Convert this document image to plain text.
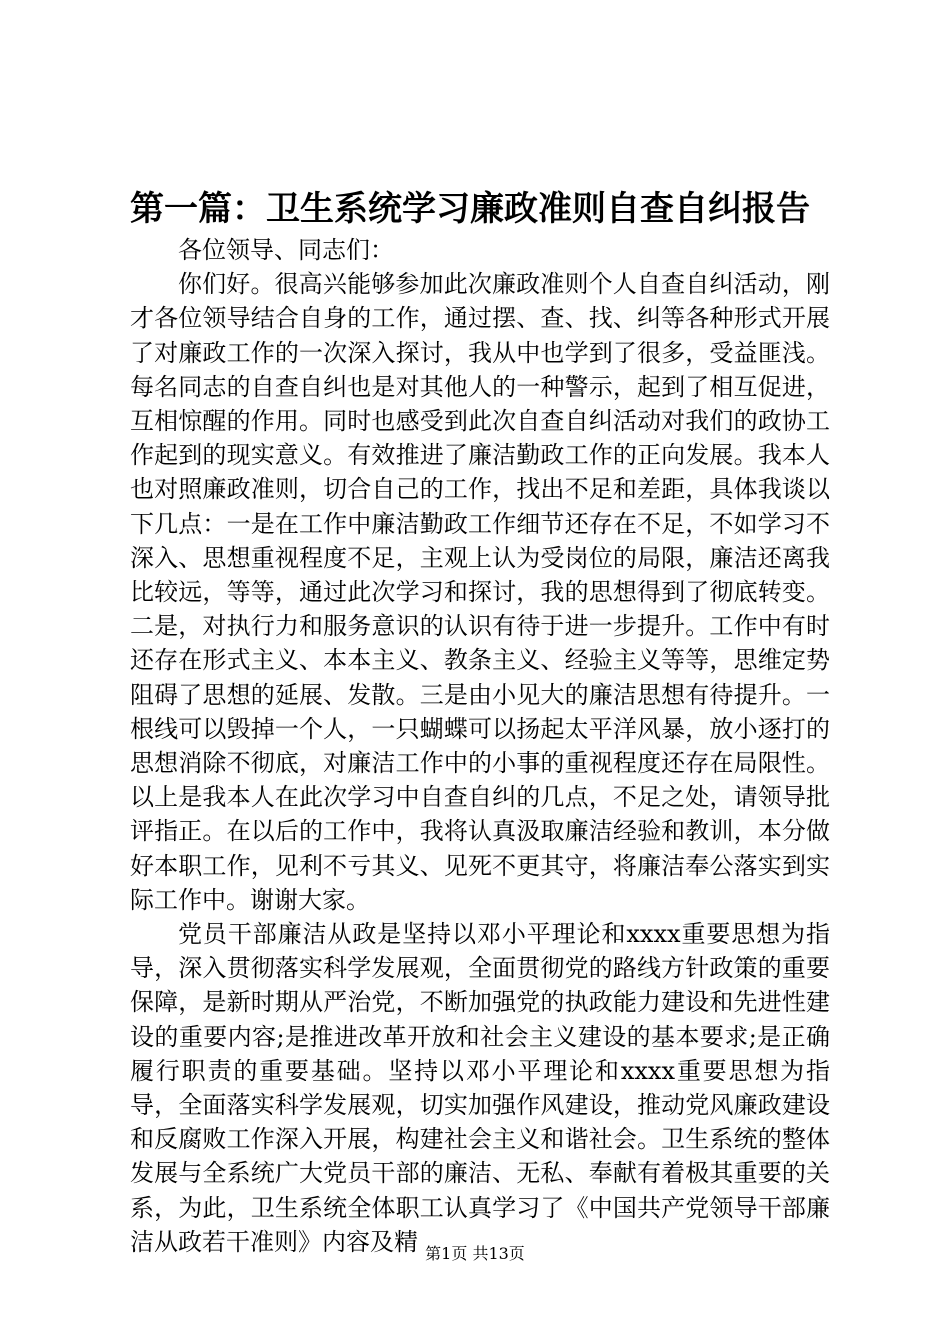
第一篇：卫生系统学习廉政准则自查自纠报告

各位领导、同志们：

你们好。很高兴能够参加此次廉政准则个人自查自纠活动，刚才各位领导结合自身的工作，通过摆、查、找、纠等各种形式开展了对廉政工作的一次深入探讨，我从中也学到了很多，受益匪浅。每名同志的自查自纠也是对其他人的一种警示，起到了相互促进，互相惊醒的作用。同时也感受到此次自查自纠活动对我们的政协工作起到的现实意义。有效推进了廉洁勤政工作的正向发展。我本人也对照廉政准则，切合自己的工作，找出不足和差距，具体我谈以下几点：一是在工作中廉洁勤政工作细节还存在不足，不如学习不深入、思想重视程度不足，主观上认为受岗位的局限，廉洁还离我比较远，等等，通过此次学习和探讨，我的思想得到了彻底转变。二是，对执行力和服务意识的认识有待于进一步提升。工作中有时还存在形式主义、本本主义、教条主义、经验主义等等，思维定势阻碍了思想的延展、发散。三是由小见大的廉洁思想有待提升。一根线可以毁掉一个人，一只蝴蝶可以扬起太平洋风暴，放小逐打的思想消除不彻底，对廉洁工作中的小事的重视程度还存在局限性。以上是我本人在此次学习中自查自纠的几点，不足之处，请领导批评指正。在以后的工作中，我将认真汲取廉洁经验和教训，本分做好本职工作，见利不亏其义、见死不更其守，将廉洁奉公落实到实际工作中。谢谢大家。

党员干部廉洁从政是坚持以邓小平理论和xxxx重要思想为指导，深入贯彻落实科学发展观，全面贯彻党的路线方针政策的重要保障，是新时期从严治党，不断加强党的执政能力建设和先进性建设的重要内容;是推进改革开放和社会主义建设的基本要求;是正确履行职责的重要基础。坚持以邓小平理论和xxxx重要思想为指导，全面落实科学发展观，切实加强作风建设，推动党风廉政建设和反腐败工作深入开展，构建社会主义和谐社会。卫生系统的整体发展与全系统广大党员干部的廉洁、无私、奉献有着极其重要的关系，为此，卫生系统全体职工认真学习了《中国共产党领导干部廉洁从政若干准则》内容及精 第1页 共13页
